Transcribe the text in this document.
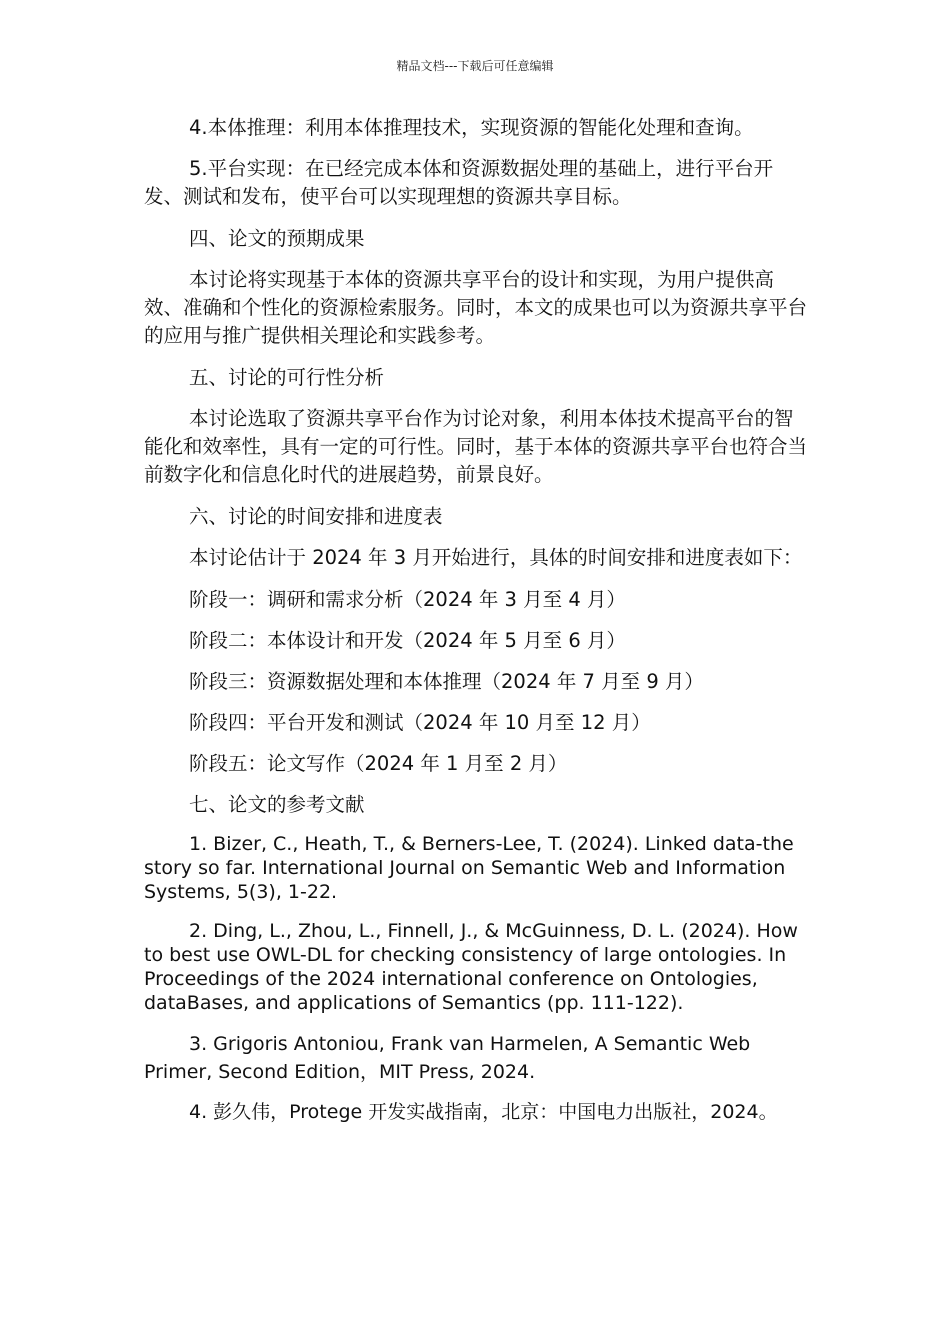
精品文档---下载后可任意编辑

4.本体推理：利用本体推理技术，实现资源的智能化处理和查询。

5.平台实现：在已经完成本体和资源数据处理的基础上，进行平台开发、测试和发布，使平台可以实现理想的资源共享目标。

四、论文的预期成果

本讨论将实现基于本体的资源共享平台的设计和实现，为用户提供高效、准确和个性化的资源检索服务。同时，本文的成果也可以为资源共享平台的应用与推广提供相关理论和实践参考。

五、讨论的可行性分析

本讨论选取了资源共享平台作为讨论对象，利用本体技术提高平台的智能化和效率性，具有一定的可行性。同时，基于本体的资源共享平台也符合当前数字化和信息化时代的进展趋势，前景良好。

六、讨论的时间安排和进度表

本讨论估计于 2024 年 3 月开始进行，具体的时间安排和进度表如下：

阶段一：调研和需求分析（2024 年 3 月至 4 月）

阶段二：本体设计和开发（2024 年 5 月至 6 月）

阶段三：资源数据处理和本体推理（2024 年 7 月至 9 月）

阶段四：平台开发和测试（2024 年 10 月至 12 月）

阶段五：论文写作（2024 年 1 月至 2 月）

七、论文的参考文献

1. Bizer, C., Heath, T., & Berners-Lee, T. (2024). Linked data-the story so far. International Journal on Semantic Web and Information Systems, 5(3), 1-22.

2. Ding, L., Zhou, L., Finnell, J., & McGuinness, D. L. (2024). How to best use OWL-DL for checking consistency of large ontologies. In Proceedings of the 2024 international conference on Ontologies, dataBases, and applications of Semantics (pp. 111-122).

3. Grigoris Antoniou, Frank van Harmelen, A Semantic Web Primer, Second Edition，MIT Press, 2024.

4. 彭久伟，Protege 开发实战指南，北京：中国电力出版社，2024。
